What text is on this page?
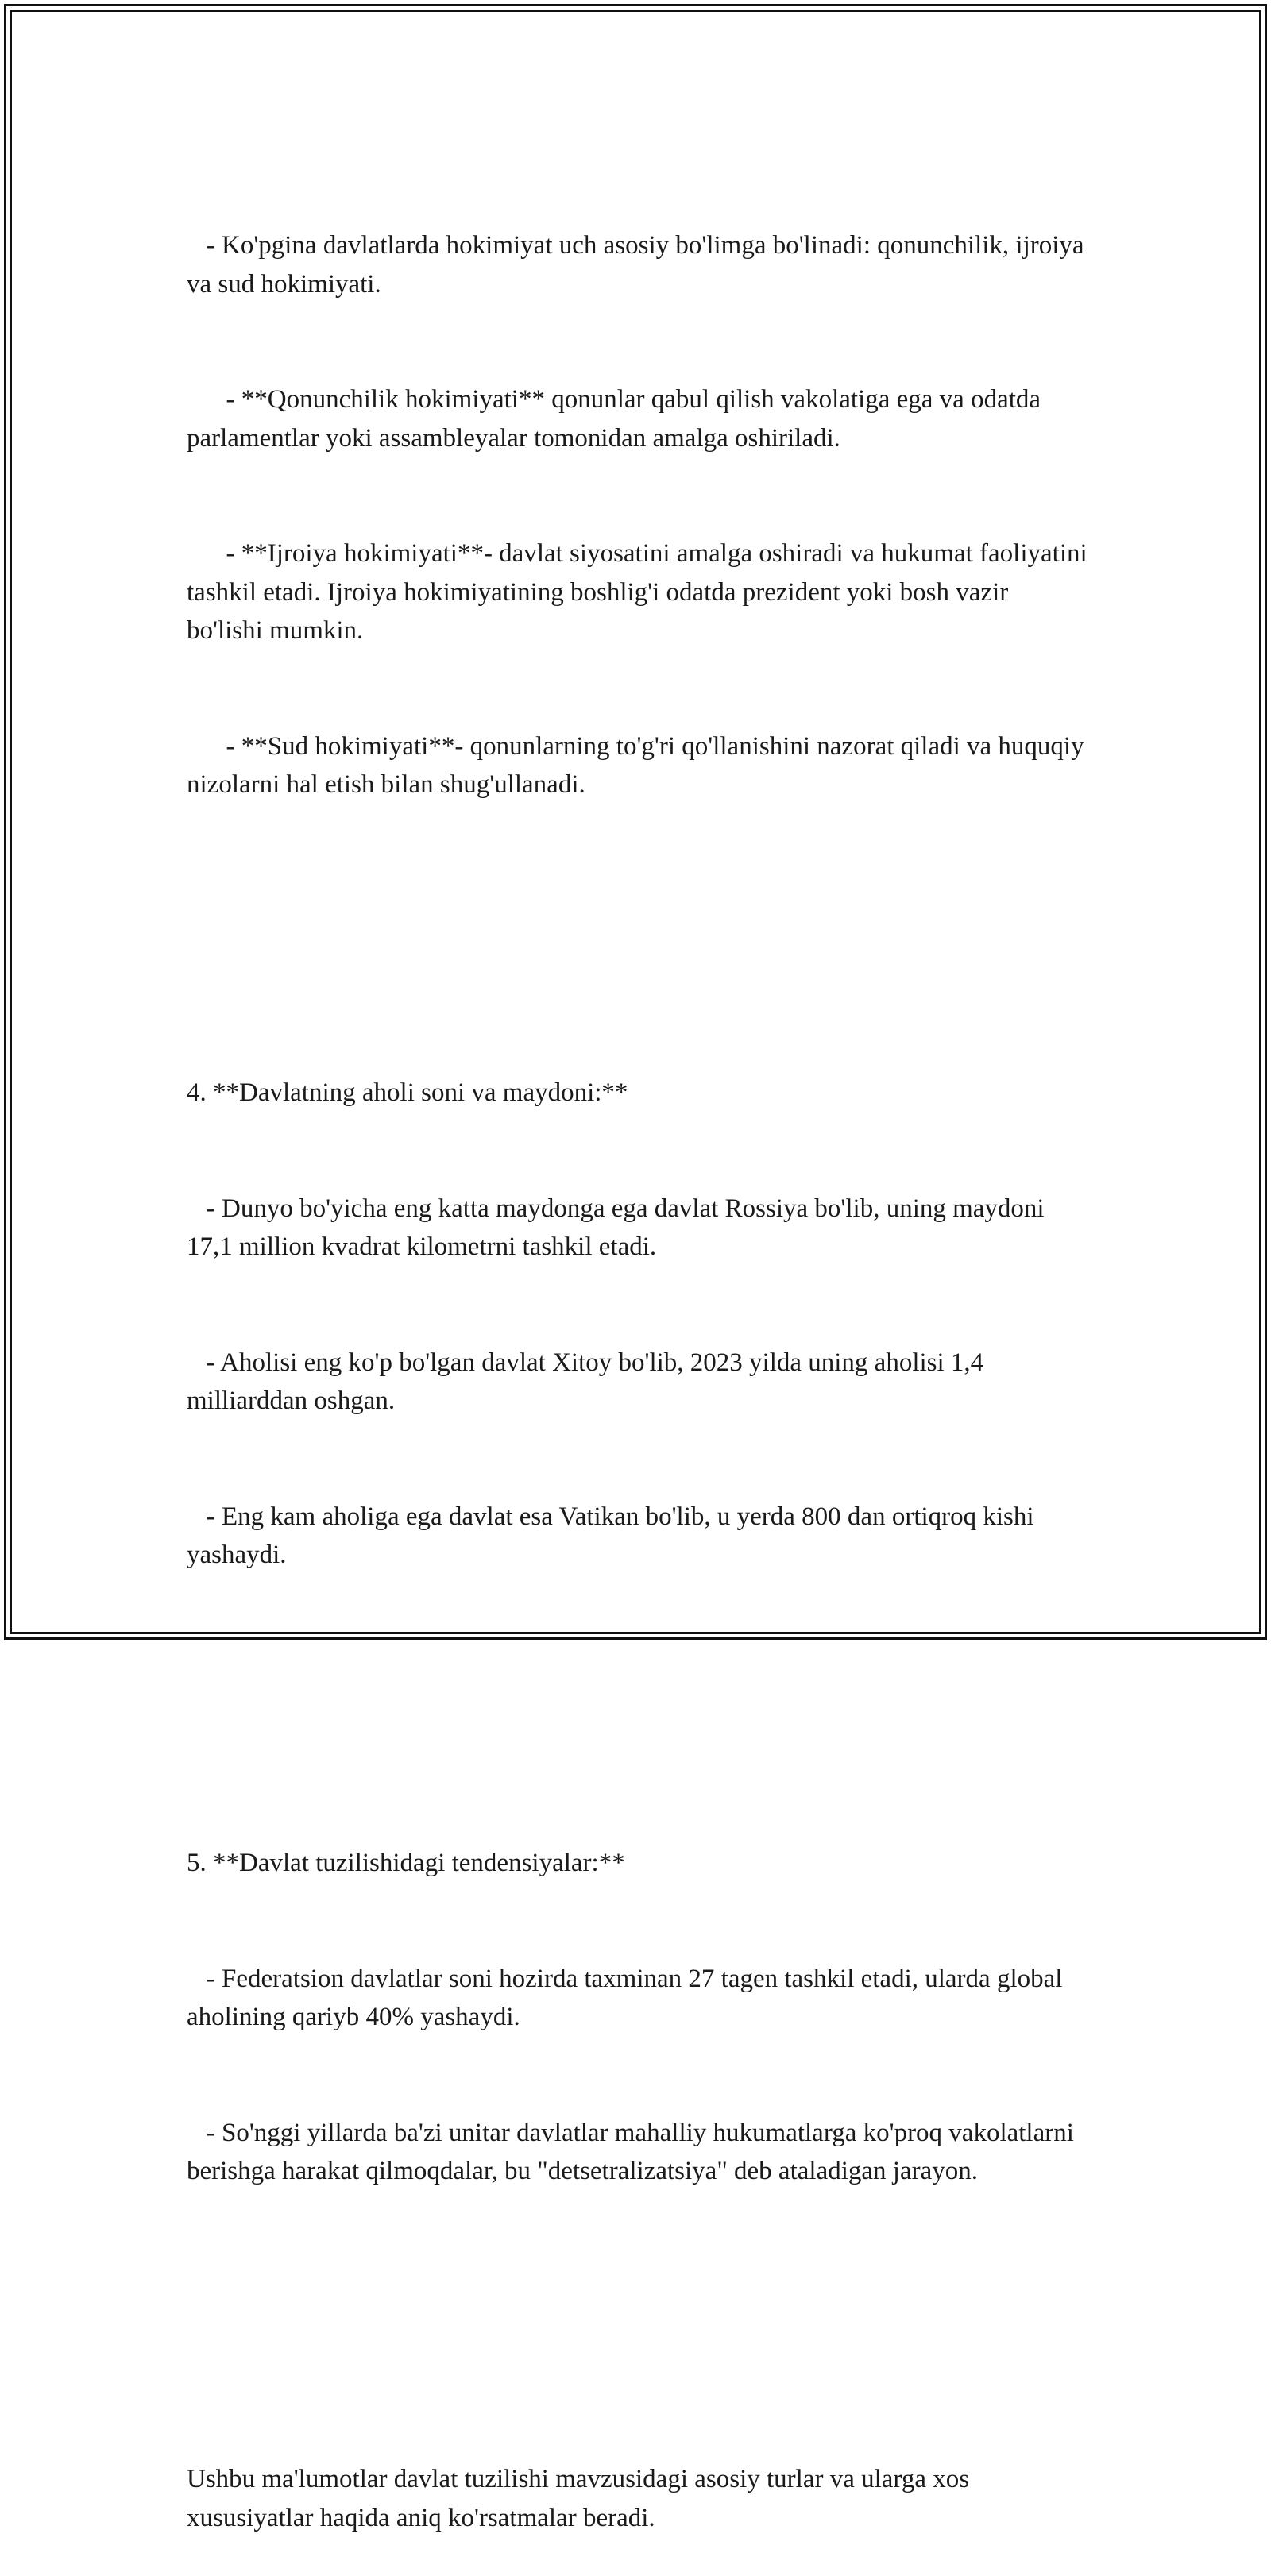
- Ko'pgina davlatlarda hokimiyat uch asosiy bo'limga bo'linadi: qonunchilik, ijroiya va sud hokimiyati.

- **Qonunchilik hokimiyati** qonunlar qabul qilish vakolatiga ega va odatda parlamentlar yoki assambleyalar tomonidan amalga oshiriladi.

- **Ijroiya hokimiyati**- davlat siyosatini amalga oshiradi va hukumat faoliyatini tashkil etadi. Ijroiya hokimiyatining boshlig'i odatda prezident yoki bosh vazir bo'lishi mumkin.

- **Sud hokimiyati**- qonunlarning to'g'ri qo'llanishini nazorat qiladi va huquqiy nizolarni hal etish bilan shug'ullanadi.

4. **Davlatning aholi soni va maydoni:**

- Dunyo bo'yicha eng katta maydonga ega davlat Rossiya bo'lib, uning maydoni 17,1 million kvadrat kilometrni tashkil etadi.

- Aholisi eng ko'p bo'lgan davlat Xitoy bo'lib, 2023 yilda uning aholisi 1,4 milliarddan oshgan.

- Eng kam aholiga ega davlat esa Vatikan bo'lib, u yerda 800 dan ortiqroq kishi yashaydi.

5. **Davlat tuzilishidagi tendensiyalar:**

- Federatsion davlatlar soni hozirda taxminan 27 tagen tashkil etadi, ularda global aholining qariyb 40% yashaydi.

- So'nggi yillarda ba'zi unitar davlatlar mahalliy hukumatlarga ko'proq vakolatlarni berishga harakat qilmoqdalar, bu "detsetralizatsiya" deb ataladigan jarayon.

Ushbu ma'lumotlar davlat tuzilishi mavzusidagi asosiy turlar va ularga xos xususiyatlar haqida aniq ko'rsatmalar beradi.
